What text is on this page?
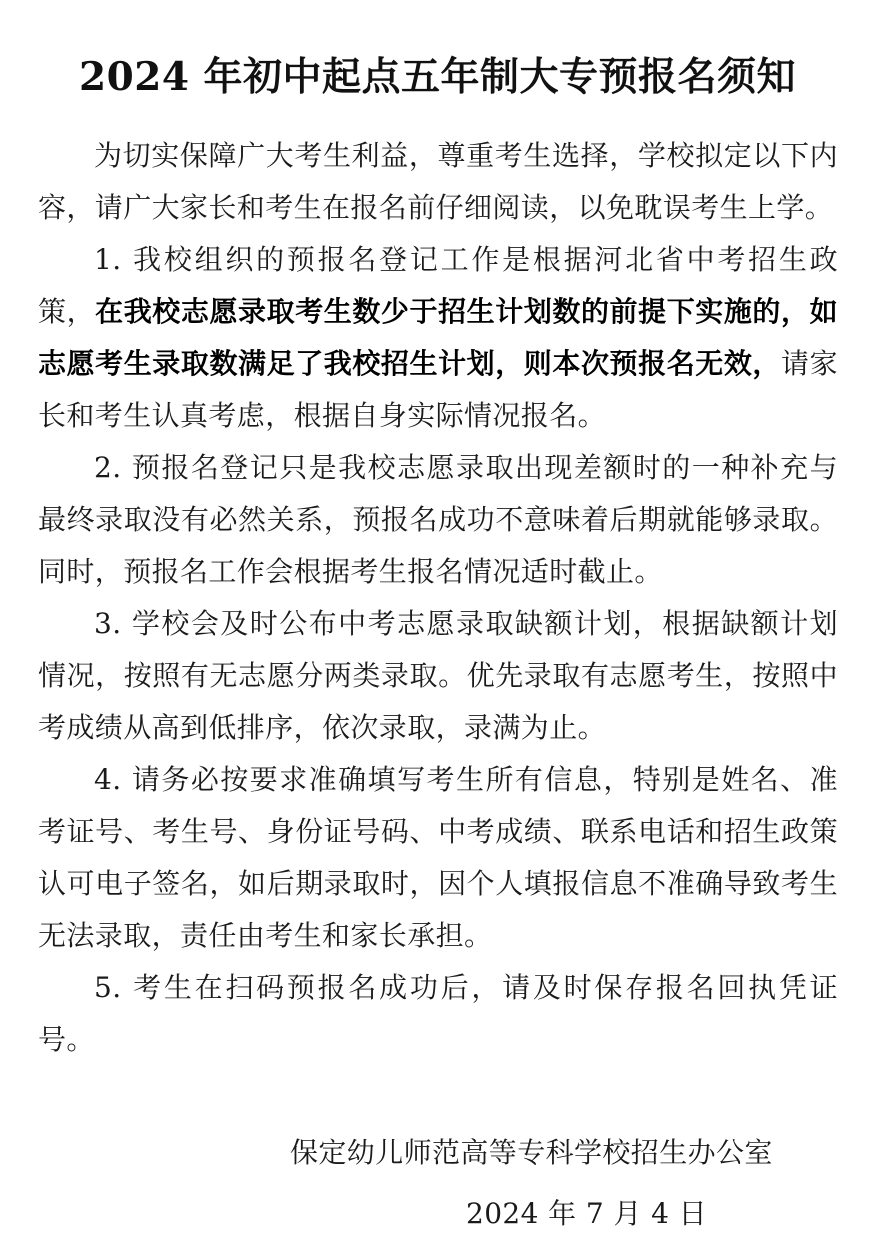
2024 年初中起点五年制大专预报名须知

为切实保障广大考生利益，尊重考生选择，学校拟定以下内容，请广大家长和考生在报名前仔细阅读，以免耽误考生上学。

1. 我校组织的预报名登记工作是根据河北省中考招生政策，在我校志愿录取考生数少于招生计划数的前提下实施的，如志愿考生录取数满足了我校招生计划，则本次预报名无效，请家长和考生认真考虑，根据自身实际情况报名。

2. 预报名登记只是我校志愿录取出现差额时的一种补充与最终录取没有必然关系，预报名成功不意味着后期就能够录取。同时，预报名工作会根据考生报名情况适时截止。

3. 学校会及时公布中考志愿录取缺额计划，根据缺额计划情况，按照有无志愿分两类录取。优先录取有志愿考生，按照中考成绩从高到低排序，依次录取，录满为止。

4. 请务必按要求准确填写考生所有信息，特别是姓名、准考证号、考生号、身份证号码、中考成绩、联系电话和招生政策认可电子签名，如后期录取时，因个人填报信息不准确导致考生无法录取，责任由考生和家长承担。

5. 考生在扫码预报名成功后，请及时保存报名回执凭证号。

保定幼儿师范高等专科学校招生办公室
2024 年 7 月 4 日
